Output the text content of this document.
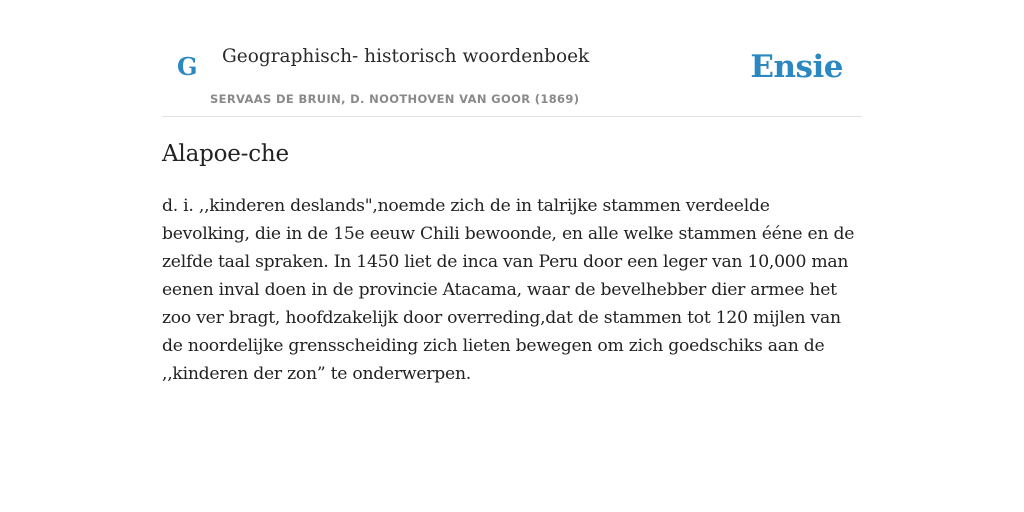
G Geographisch- historisch woordenboek
SERVAAS DE BRUIN, D. NOOTHOVEN VAN GOOR (1869)
Ensie
Alapoe-che

d. i. ,,kinderen deslands",noemde zich de in talrijke stammen verdeelde bevolking, die in de 15e eeuw Chili bewoonde, en alle welke stammen ééne en de zelfde taal spraken. In 1450 liet de inca van Peru door een leger van 10,000 man eenen inval doen in de provincie Atacama, waar de bevelhebber dier armee het zoo ver bragt, hoofdzakelijk door overreding,dat de stammen tot 120 mijlen van de noordelijke grensscheiding zich lieten bewegen om zich goedschiks aan de ,,kinderen der zon” te onderwerpen.
